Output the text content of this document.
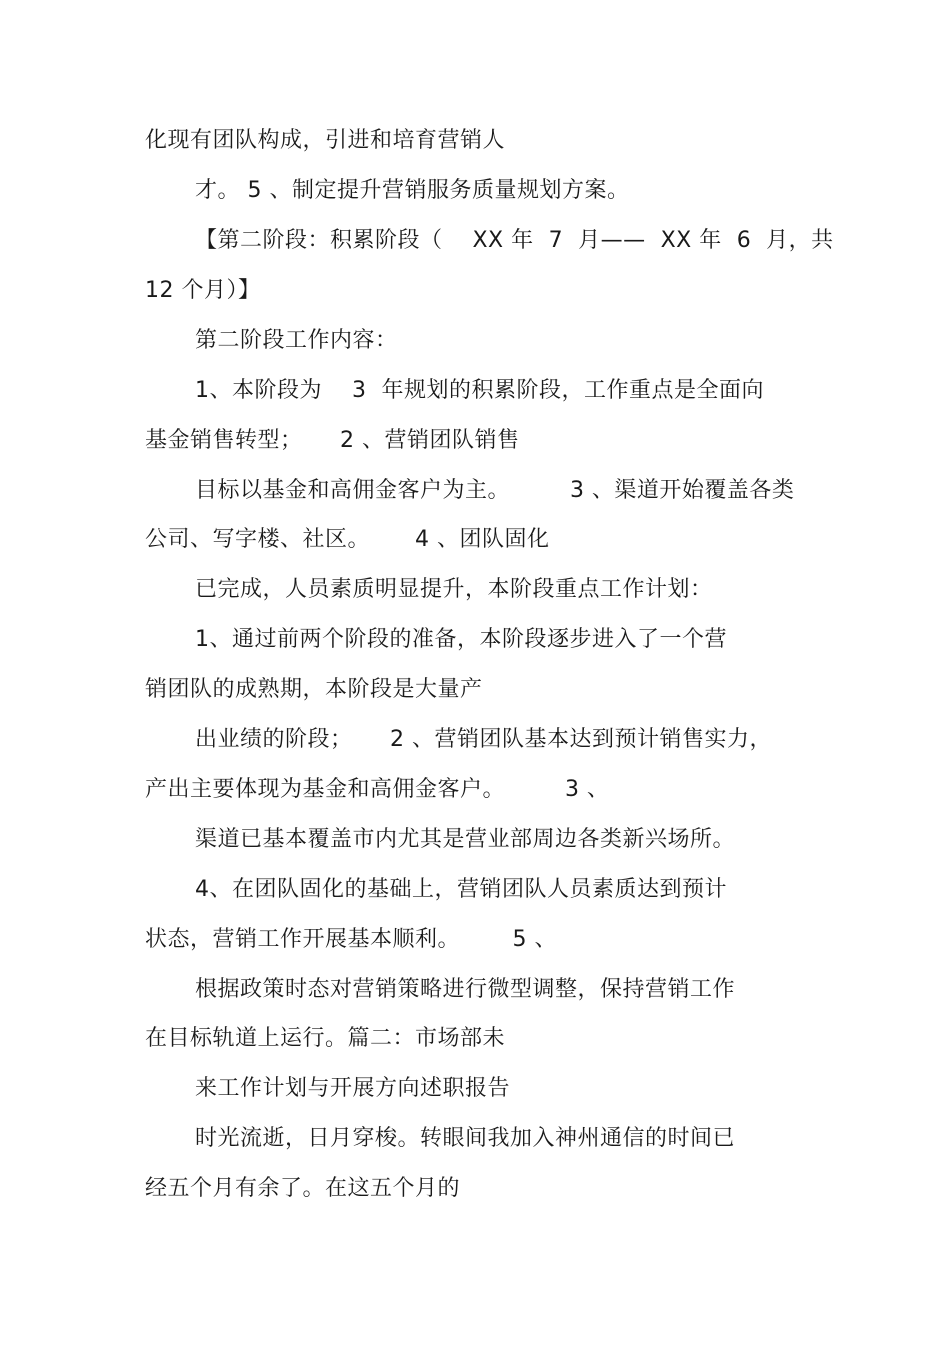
化现有团队构成，引进和培育营销人
才。 5 、制定提升营销服务质量规划方案。
【第二阶段：积累阶段（    XX 年  7  月——  XX 年  6  月，共
12 个月）】
第二阶段工作内容：
1、本阶段为    3  年规划的积累阶段，工作重点是全面向
基金销售转型；     2 、营销团队销售
目标以基金和高佣金客户为主。        3 、渠道开始覆盖各类
公司、写字楼、社区。      4 、团队固化
已完成，人员素质明显提升，本阶段重点工作计划：
1、通过前两个阶段的准备，本阶段逐步进入了一个营
销团队的成熟期，本阶段是大量产
出业绩的阶段；     2 、营销团队基本达到预计销售实力，
产出主要体现为基金和高佣金客户。        3 、
渠道已基本覆盖市内尤其是营业部周边各类新兴场所。
4、在团队固化的基础上，营销团队人员素质达到预计
状态，营销工作开展基本顺利。       5 、
根据政策时态对营销策略进行微型调整，保持营销工作
在目标轨道上运行。篇二：市场部未
来工作计划与开展方向述职报告
时光流逝，日月穿梭。转眼间我加入神州通信的时间已
经五个月有余了。在这五个月的
